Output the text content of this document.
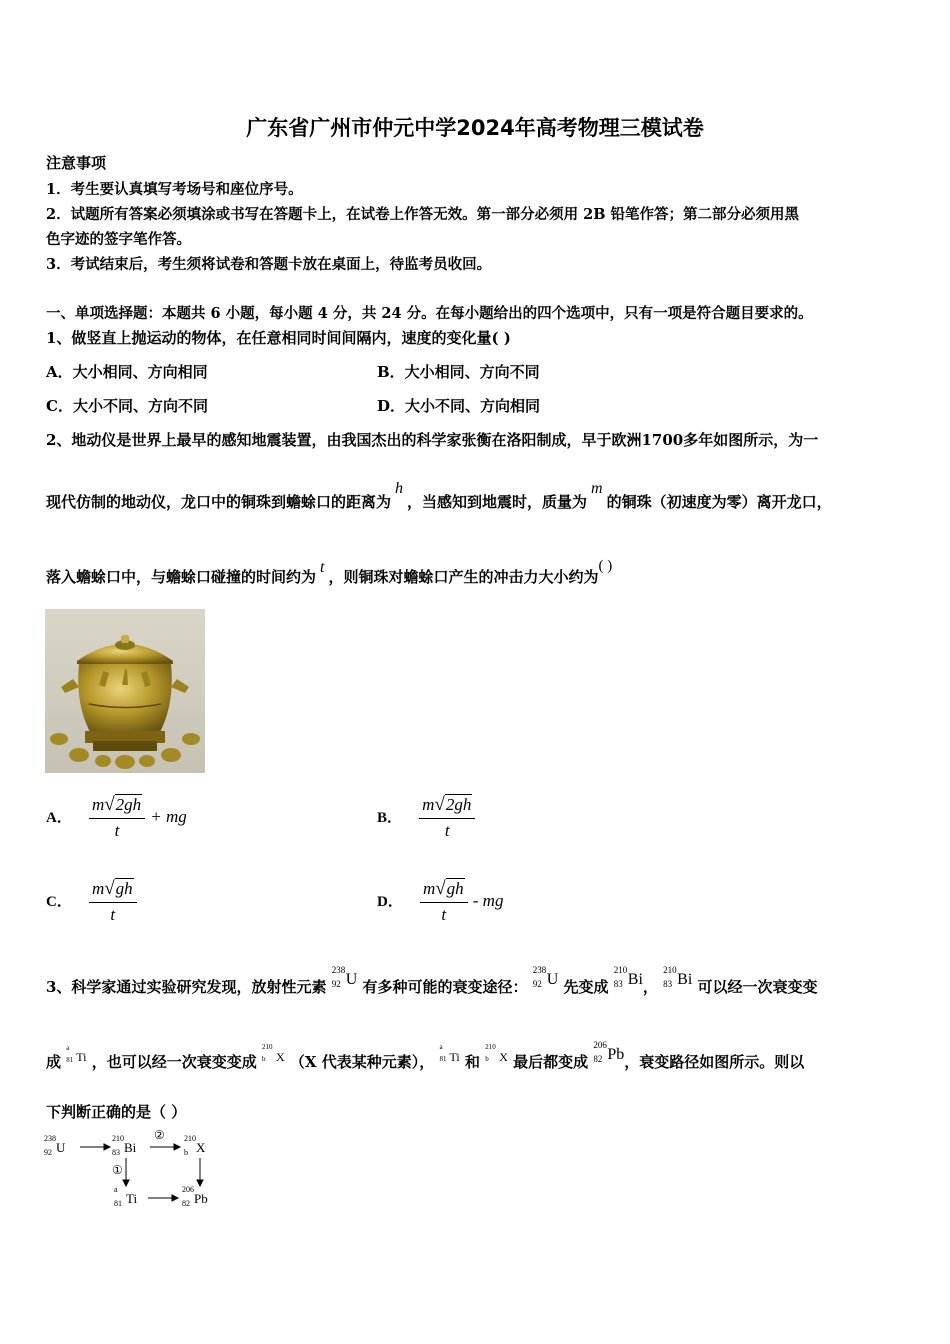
广东省广州市仲元中学2024年高考物理三模试卷
注意事项
1．考生要认真填写考场号和座位序号。
2．试题所有答案必须填涂或书写在答题卡上，在试卷上作答无效。第一部分必须用 2B 铅笔作答；第二部分必须用黑
色字迹的签字笔作答。
3．考试结束后，考生须将试卷和答题卡放在桌面上，待监考员收回。
一、单项选择题：本题共 6 小题，每小题 4 分，共 24 分。在每小题给出的四个选项中，只有一项是符合题目要求的。
1、做竖直上抛运动的物体，在任意相同时间间隔内，速度的变化量( )
A．大小相同、方向相同	B．大小相同、方向不同
C．大小不同、方向不同	D．大小不同、方向相同
2、地动仪是世界上最早的感知地震装置，由我国杰出的科学家张衡在洛阳制成，早于欧洲1700多年如图所示，为一
现代仿制的地动仪，龙口中的铜珠到蟾蜍口的距离为h，当感知到地震时，质量为m的铜珠（初速度为零）离开龙口，
落入蟾蜍口中，与蟾蜍口碰撞的时间约为t，则铜珠对蟾蜍口产生的冲击力大小约为( )
A． $\frac{m√2gh}{t}$ + mg	B． $\frac{m√2gh}{t}$
C． $\frac{m√gh}{t}$	D． $\frac{m√gh}{t}$ - mg
3、科学家通过实验研究发现，放射性元素
238
92 U 有多种可能的衰变途径：
238
92 U 先变成
210
83 Bi，
210
83 Bi 可以经一次衰变变
成
a
81 Ti ，也可以经一次衰变变成
210
b X （X 代表某种元素），
a
81 Ti 和
210
b X 最后都变成
206
82 Pb，衰变路径如图所示。则以
下判断正确的是（ ）
238
92 U
210
83 Bi
210
b X
a
81 Ti
206
82 Pb
②
①
